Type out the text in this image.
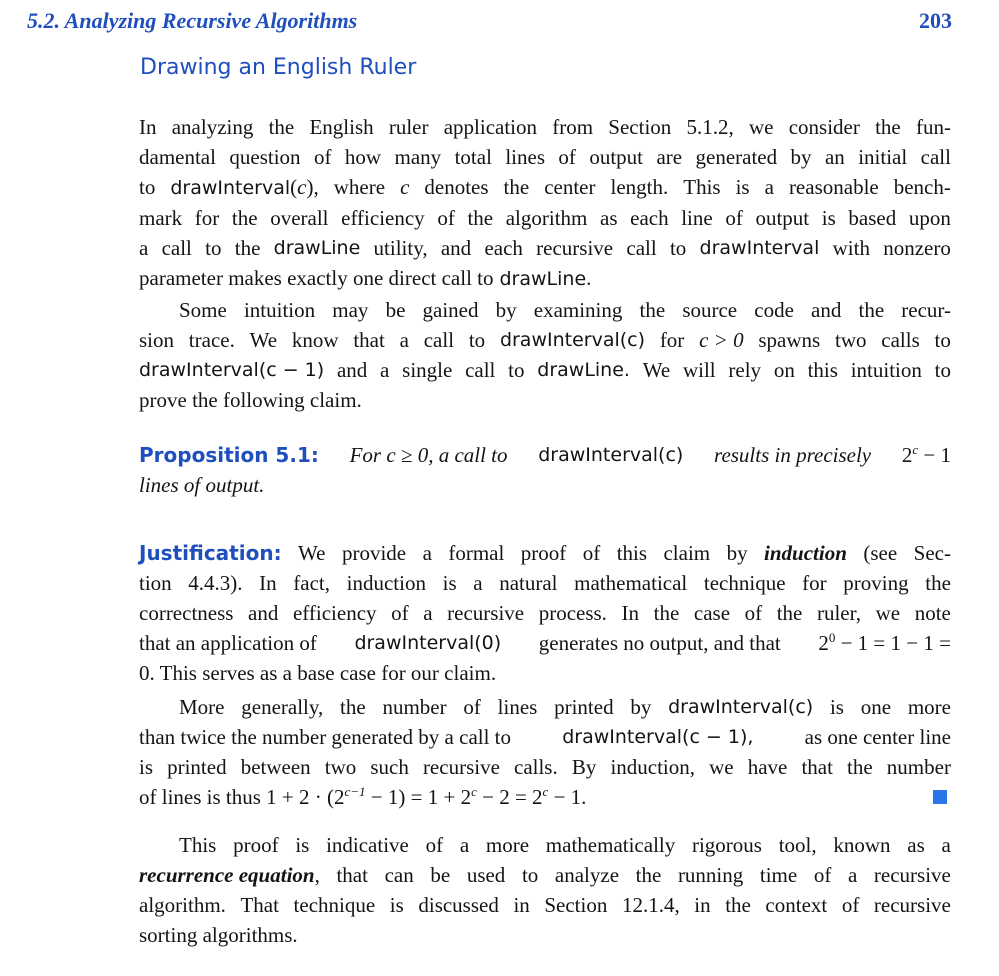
5.2. Analyzing Recursive Algorithms	203
Drawing an English Ruler
In analyzing the English ruler application from Section 5.1.2, we consider the fun-
damental question of how many total lines of output are generated by an initial call
to drawInterval(c), where c denotes the center length. This is a reasonable bench-
mark for the overall efficiency of the algorithm as each line of output is based upon
a call to the drawLine utility, and each recursive call to drawInterval with nonzero
parameter makes exactly one direct call to drawLine.
Some intuition may be gained by examining the source code and the recur-
sion trace. We know that a call to drawInterval(c) for c > 0 spawns two calls to
drawInterval(c − 1) and a single call to drawLine. We will rely on this intuition to
prove the following claim.
Proposition 5.1: For c ≥ 0, a call to drawInterval(c) results in precisely $2^c - 1$
lines of output.
Justification: We provide a formal proof of this claim by induction (see Sec-
tion 4.4.3). In fact, induction is a natural mathematical technique for proving the
correctness and efficiency of a recursive process. In the case of the ruler, we note
that an application of drawInterval(0) generates no output, and that $2^0 - 1 = 1 - 1$ =
0. This serves as a base case for our claim.
More generally, the number of lines printed by drawInterval(c) is one more
than twice the number generated by a call to	drawInterval(c − 1), as one center line
is printed between two such recursive calls. By induction, we have that the number
of lines is thus $1 + 2 \cdot (2^{c-1} - 1) = 1 + 2^c - 2 = 2^c - 1$.
This proof is indicative of a more mathematically rigorous tool, known as a
recurrence equation, that can be used to analyze the running time of a recursive
algorithm. That technique is discussed in Section 12.1.4, in the context of recursive
sorting algorithms.
